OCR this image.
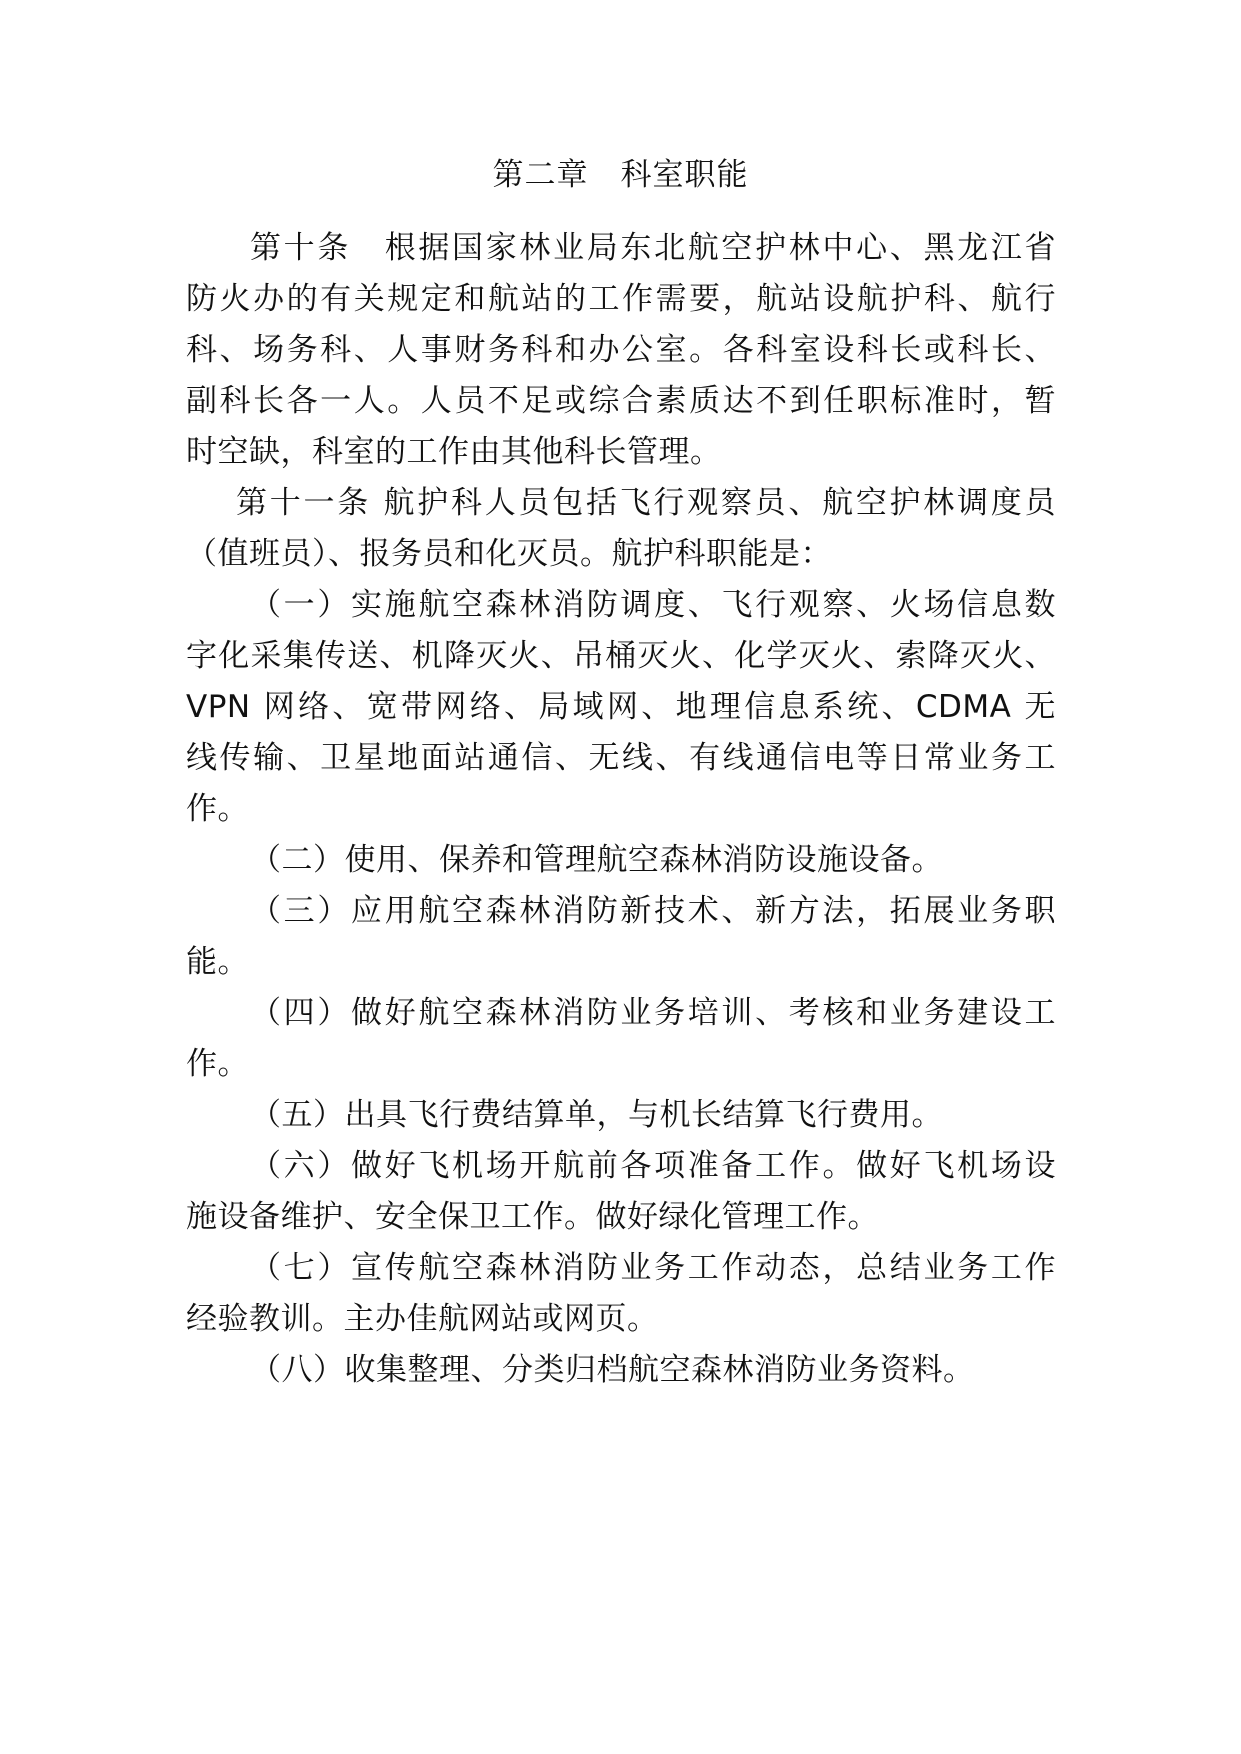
第二章　科室职能
第十条　根据国家林业局东北航空护林中心、黑龙江省
防火办的有关规定和航站的工作需要，航站设航护科、航行
科、场务科、人事财务科和办公室。各科室设科长或科长、
副科长各一人。人员不足或综合素质达不到任职标准时，暂
时空缺，科室的工作由其他科长管理。
第十一条 航护科人员包括飞行观察员、航空护林调度员
（值班员）、报务员和化灭员。航护科职能是：
（一）实施航空森林消防调度、飞行观察、火场信息数
字化采集传送、机降灭火、吊桶灭火、化学灭火、索降灭火、
VPN 网络、宽带网络、局域网、地理信息系统、CDMA 无
线传输、卫星地面站通信、无线、有线通信电等日常业务工
作。
（二）使用、保养和管理航空森林消防设施设备。
（三）应用航空森林消防新技术、新方法，拓展业务职
能。
（四）做好航空森林消防业务培训、考核和业务建设工
作。
（五）出具飞行费结算单，与机长结算飞行费用。
（六）做好飞机场开航前各项准备工作。做好飞机场设
施设备维护、安全保卫工作。做好绿化管理工作。
（七）宣传航空森林消防业务工作动态，总结业务工作
经验教训。主办佳航网站或网页。
（八）收集整理、分类归档航空森林消防业务资料。
